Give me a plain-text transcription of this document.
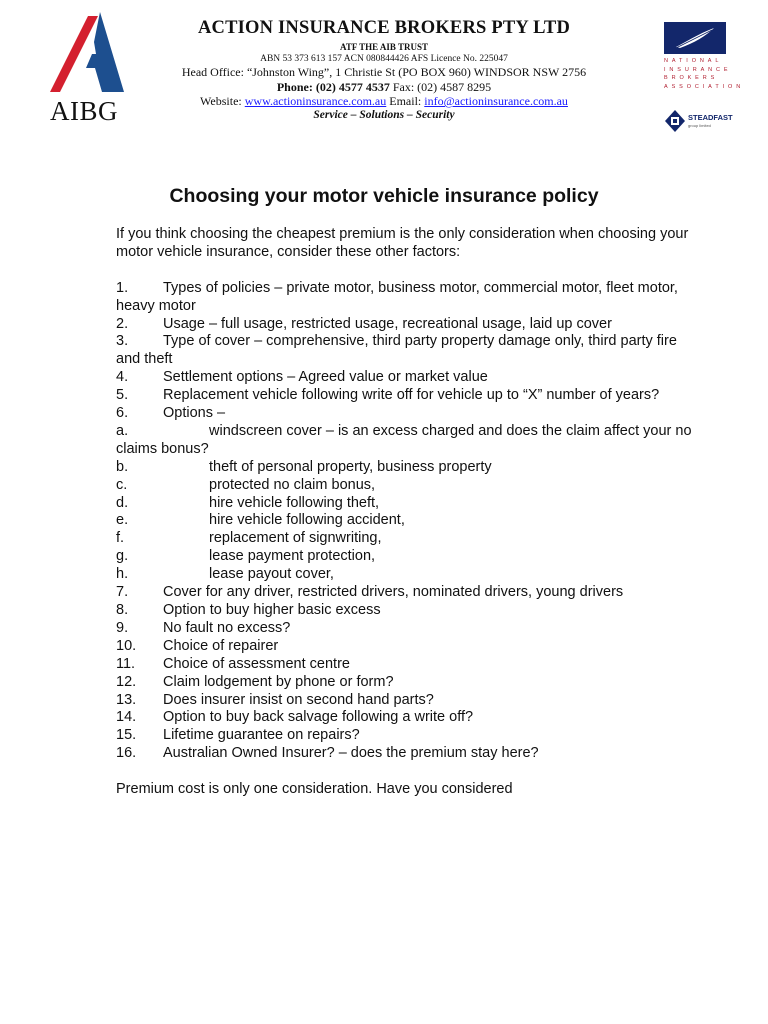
AIBG
ACTION INSURANCE BROKERS PTY LTD
ATF THE AIB TRUST
ABN 53 373 613 157 ACN 080844426 AFS Licence No. 225047
Head Office: “Johnston Wing”, 1 Christie St (PO BOX 960) WINDSOR NSW 2756
Phone: (02) 4577 4537 Fax: (02) 4587 8295
Website: www.actioninsurance.com.au Email: info@actioninsurance.com.au
Service – Solutions – Security
NATIONAL INSURANCE BROKERS ASSOCIATION
STEADFAST
group limited
Choosing your motor vehicle insurance policy

If you think choosing the cheapest premium is the only consideration when choosing your motor vehicle insurance, consider these other factors:

1. Types of policies – private motor, business motor, commercial motor, fleet motor, heavy motor
2. Usage – full usage, restricted usage, recreational usage, laid up cover
3. Type of cover – comprehensive, third party property damage only, third party fire and theft
4. Settlement options – Agreed value or market value
5. Replacement vehicle following write off for vehicle up to “X” number of years?
6. Options –
a.	windscreen cover – is an excess charged and does the claim affect your no claims bonus?
b.	theft of personal property, business property
c.	protected no claim bonus,
d.	hire vehicle following theft,
e.	hire vehicle following accident,
f.	replacement of signwriting,
g.	lease payment protection,
h.	lease payout cover,
7. Cover for any driver, restricted drivers, nominated drivers, young drivers
8. Option to buy higher basic excess
9. No fault no excess?
10. Choice of repairer
11. Choice of assessment centre
12. Claim lodgement by phone or form?
13. Does insurer insist on second hand parts?
14. Option to buy back salvage following a write off?
15. Lifetime guarantee on repairs?
16. Australian Owned Insurer? – does the premium stay here?

Premium cost is only one consideration. Have you considered
